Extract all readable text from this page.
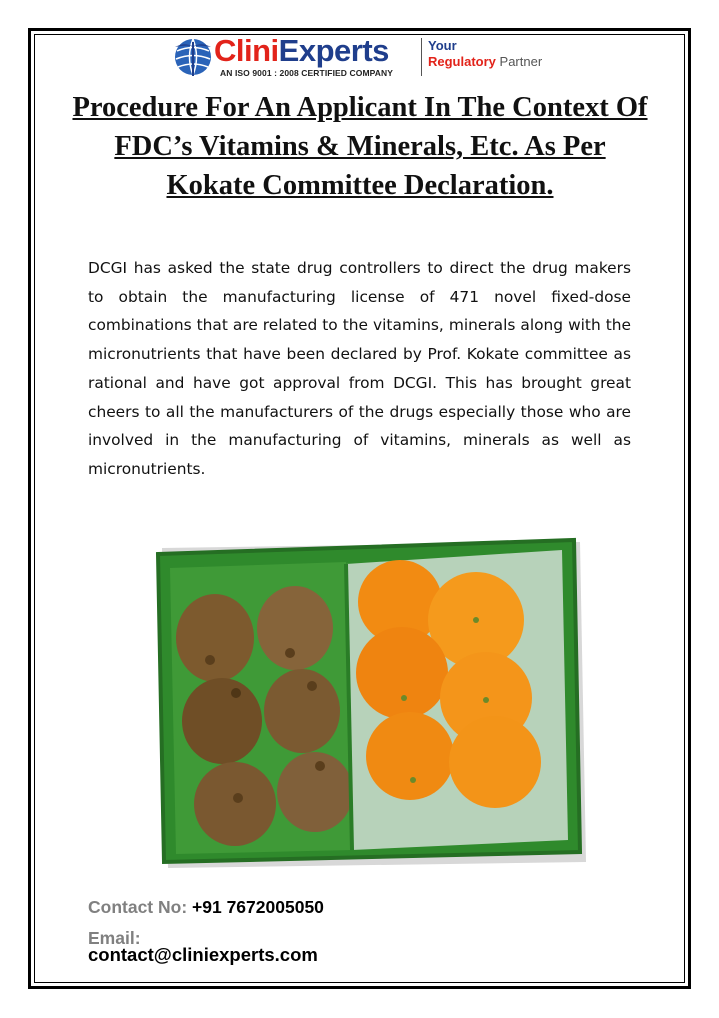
CliniExperts
AN ISO 9001 : 2008 CERTIFIED COMPANY
Your
Regulatory Partner
Procedure For An Applicant In The Context Of FDC’s Vitamins & Minerals, Etc. As Per Kokate Committee Declaration.

DCGI has asked the state drug controllers to direct the drug makers to obtain the manufacturing license of 471 novel fixed-dose combinations that are related to the vitamins, minerals along with the micronutrients that have been declared by Prof. Kokate committee as rational and have got approval from DCGI. This has brought great cheers to all the manufacturers of the drugs especially those who are involved in the manufacturing of vitamins, minerals as well as micronutrients.

Contact No: +91 7672005050
Email:
contact@cliniexperts.com
